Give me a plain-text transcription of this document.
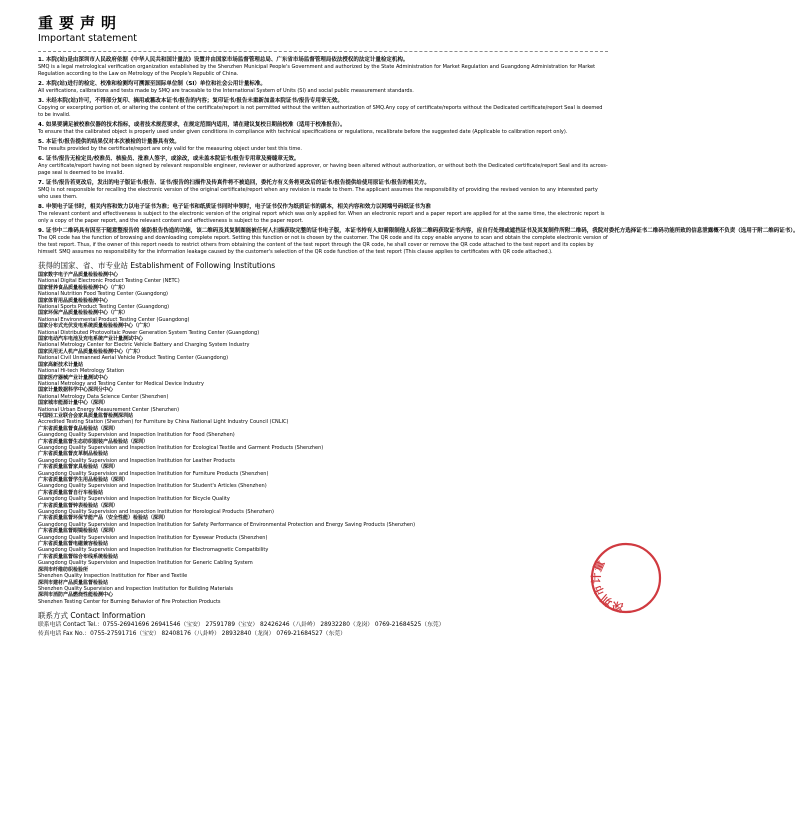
重要声明
Important statement
1. 本院(站)是由深圳市人民政府依据《中华人民共和国计量法》设置并由国家市场监督管理总局、广东省市场监督管理局依法授权的法定计量检定机构。
SMQ is a legal metrological verification organization established by the Shenzhen Municipal People's Government and authorized by the State Administration for Market Regulation and Guangdong Administration for Market Regulation according to the Law on Metrology of the People's Republic of China.
2. 本院(站)进行的检定、校准和检测均可溯源至国际单位制（SI）单位和社会公用计量标准。
All verifications, calibrations and tests made by SMQ are traceable to the International System of Units (SI) and social public measurement standards.
3. 未经本院(站)许可，不得部分复印、摘用或篡改本证书/报告的内容；复印证书/报告未重新加盖本院证书/报告专用章无效。
Copying or excerpting portion of, or altering the content of the certificate/report is not permitted without the written authorization of SMQ.Any copy of certificate/reports without the Dedicated certificate/report Seal is deemed to be invalid.
4. 如果要满足被校准仪器的技术指标，或者技术规范要求，在规定范围内适用，请在建议复校日期前校准（适用于校准报告）。
To ensure that the calibrated object is properly used under given conditions in compliance with technical specifications or regulations, recalibrate before the suggested date (Applicable to calibration report only).
5. 本证书/报告提供的结果仅对本次被检的计量器具有效。
The results provided by the certificate/report are only valid for the measuring object under test this time.
6. 证书/报告无检定员/校准员、核验员、批准人签字，或涂改，或未盖本院证书/报告专用章及骑缝章无效。
Any certificate/report having not been signed by relevant responsible engineer, reviewer or authorized approver, or having been altered without authorization, or without both the Dedicated certificate/report Seal and its across-page seal is deemed to be invalid.
7. 证书/报告若更改后，发出的电子版证书/报告、证书/报告的扫描件及传真件将不被追回，委托方有义务将更改后的证书/报告提供给使用原证书/报告的相关方。
SMQ is not responsible for recalling the electronic version of the original certificate/report when any revision is made to them. The applicant assumes the responsibility of providing the revised version to any interested party who uses them.
8. 申领电子证书时，相关内容和效力以电子证书为准；电子证书和纸质证书同时申领时，电子证书仅作为纸质证书的副本，相关内容和效力以网端号码纸证书为准
The relevant content and effectiveness is subject to the electronic version of the original report which was only applied for. When an electronic report and a paper report are applied for at the same time, the electronic report is only a copy of the paper report, and the relevant content and effectiveness is subject to the paper report.
9. 证书中二维码具有因至于随意整报告的 能防报告伪造的功能，该二维码及其复制图能被任何人扫描获取完整的证书电子版，本证书持有人如需限制他人经该二维码获取证书内容，应自行处理或遮挡证书及其复制件所附二维码，我院对委托方选择证书二维码功能所致的信息泄露概不负责（选用于附二维码证书）。
The QR code has the function of browsing and downloading complete report. Setting this function or not is chosen by the customer. The QR code and its copy enable anyone to scan and obtain the complete electronic version of the test report. Thus, if the owner of this report needs to restrict others from obtaining the content of the test report through the QR code, he shall cover or remove the QR code attached to the test report and its copies by himself. SMQ assumes no responsibility for the information leakage caused by the customer's selection of the QR code function of the test report (This clause applies to certificates with QR code attached.).
获得的国家、省、市专业站 Establishment of Following Institutions
国家数字电子产品质量检验检测中心
National Digital Electronic Product Testing Center (NETC)
国家营养食品质量检验检测中心（广东）
National Nutrition Food Testing Center (Guangdong)
国家体育用品质量检验检测中心
National Sports Product Testing Center (Guangdong)
国家环保产品质量检验检测中心（广东）
National Environmental Product Testing Center (Guangdong)
国家分布式光伏发电系统质量检验检测中心（广东）
National Distributed Photovoltaic Power Generation System Testing Center (Guangdong)
国家电动汽车电池及充电系统产业计量测试中心
National Metrology Center for Electric Vehicle Battery and Charging System Industry
国家民用无人机产品质量检验检测中心（广东）
National Civil Unmanned Aerial Vehicle Product Testing Center (Guangdong)
国家高新技术计量站
National Hi-tech Metrology Station
国家医疗器械产业计量测试中心
National Metrology and Testing Center for Medical Device Industry
国家计量数据科学中心深圳分中心
National Metrology Data Science Center (Shenzhen)
国家城市能源计量中心（深圳）
National Urban Energy Measurement Center (Shenzhen)
中国轻工业联合会家具质量监督检测深圳站
Accredited Testing Station (Shenzhen) for Furniture by China National Light Industry Council (CNLIC)
广东省质量监督食品检验站（深圳）
Guangdong Quality Supervision and Inspection Institution for Food (Shenzhen)
广东省质量监督生态纺织服装产品检验站（深圳）
Guangdong Quality Supervision and Inspection Institution for Ecological Textile and Garment Products (Shenzhen)
广东省质量监督皮革制品检验站
Guangdong Quality Supervision and Inspection Institution for Leather Products
广东省质量监督家具检验站（深圳）
Guangdong Quality Supervision and Inspection Institution for Furniture Products (Shenzhen)
广东省质量监督学生用品检验站（深圳）
Guangdong Quality Supervision and Inspection Institution for Student's Articles (Shenzhen)
广东省质量监督自行车检验站
Guangdong Quality Supervision and Inspection Institution for Bicycle Quality
广东省质量监督钟表检验站（深圳）
Guangdong Quality Supervision and Inspection Institution for Horological Products (Shenzhen)
广东省质量监督环保节能产品（安全性能）检验站（深圳）
Guangdong Quality Supervision and Inspection Institution for Safety Performance of Environmental Protection and Energy Saving Products (Shenzhen)
广东省质量监督眼镜检验站（深圳）
Guangdong Quality Supervision and Inspection Institution for Eyewear Products (Shenzhen)
广东省质量监督电磁兼容检验站
Guangdong Quality Supervision and Inspection Institution for Electromagnetic Compatibility
广东省质量监督综合布线系统检验站
Guangdong Quality Supervision and Inspection Institution for Generic Cabling System
深圳市纤维纺织检验所
Shenzhen Quality Inspection Institution for Fiber and Textile
深圳市建材产品质量监督检验站
Shenzhen Quality Supervision and Inspection Institution for Building Materials
深圳市消防产品燃烧性能检测中心
Shenzhen Testing Center for Burning Behavior of Fire Protection Products
联系方式 Contact Information
联系电话 Contact Tel.：0755-26941696 26941546（宝安） 27591789（宝安） 82426246（八卦岭） 28932280（龙岗） 0769-21684525（东莞）
传真电话 Fax No.：0755-27591716（宝安） 82408176（八卦岭） 28932840（龙岗） 0769-21684527（东莞）
深圳市计量
